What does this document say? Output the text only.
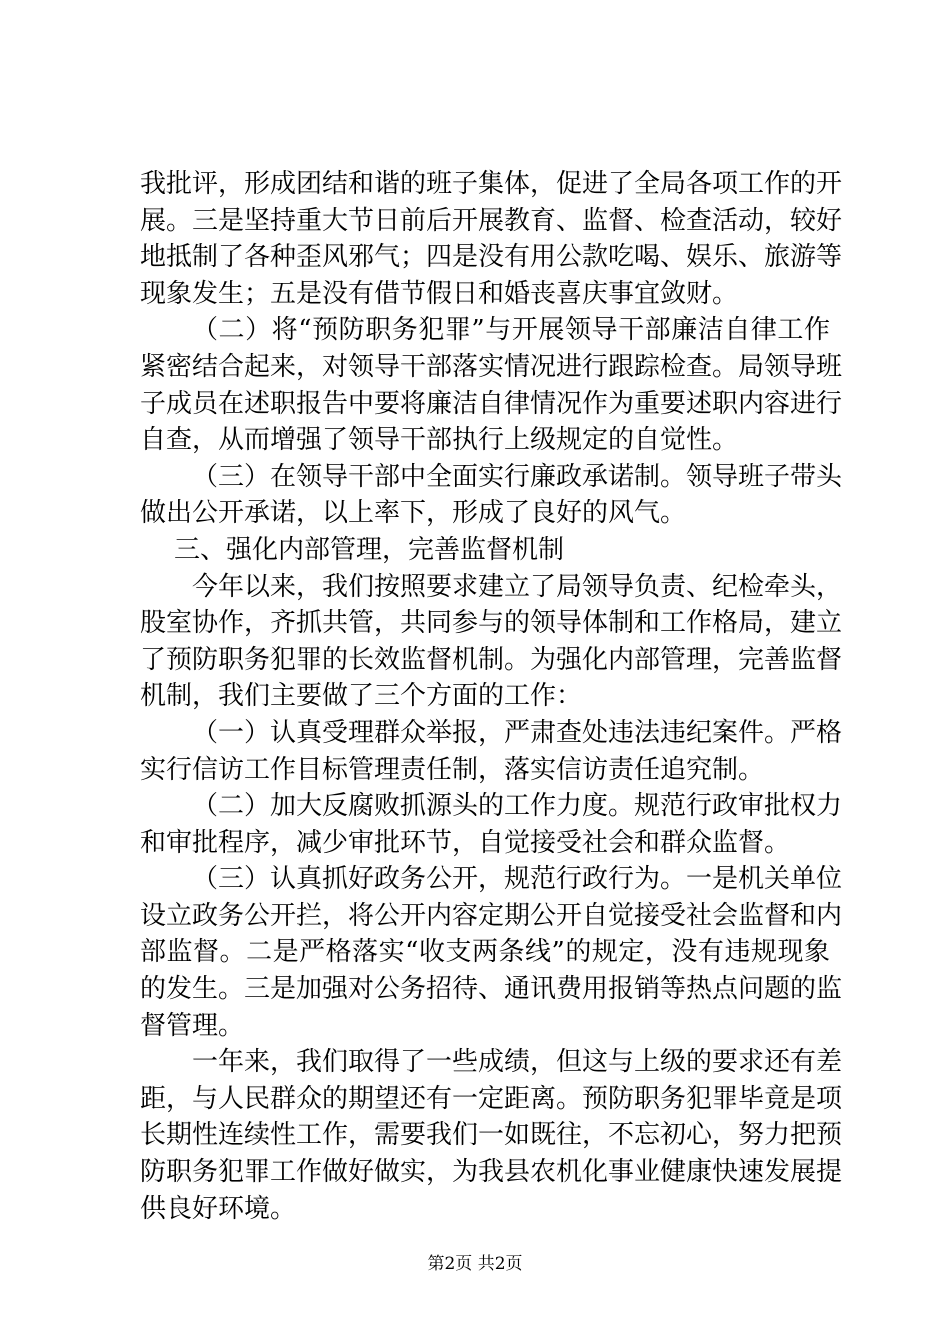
我批评，形成团结和谐的班子集体，促进了全局各项工作的开
展。三是坚持重大节日前后开展教育、监督、检查活动，较好
地抵制了各种歪风邪气；四是没有用公款吃喝、娱乐、旅游等
现象发生；五是没有借节假日和婚丧喜庆事宜敛财。
（二）将“预防职务犯罪”与开展领导干部廉洁自律工作
紧密结合起来，对领导干部落实情况进行跟踪检查。局领导班
子成员在述职报告中要将廉洁自律情况作为重要述职内容进行
自查，从而增强了领导干部执行上级规定的自觉性。
（三）在领导干部中全面实行廉政承诺制。领导班子带头
做出公开承诺，以上率下，形成了良好的风气。
三、强化内部管理，完善监督机制
今年以来，我们按照要求建立了局领导负责、纪检牵头，
股室协作，齐抓共管，共同参与的领导体制和工作格局，建立
了预防职务犯罪的长效监督机制。为强化内部管理，完善监督
机制，我们主要做了三个方面的工作：
（一）认真受理群众举报，严肃查处违法违纪案件。严格
实行信访工作目标管理责任制，落实信访责任追究制。
（二）加大反腐败抓源头的工作力度。规范行政审批权力
和审批程序，减少审批环节，自觉接受社会和群众监督。
（三）认真抓好政务公开，规范行政行为。一是机关单位
设立政务公开拦，将公开内容定期公开自觉接受社会监督和内
部监督。二是严格落实“收支两条线”的规定，没有违规现象
的发生。三是加强对公务招待、通讯费用报销等热点问题的监
督管理。
一年来，我们取得了一些成绩，但这与上级的要求还有差
距，与人民群众的期望还有一定距离。预防职务犯罪毕竟是项
长期性连续性工作，需要我们一如既往，不忘初心，努力把预
防职务犯罪工作做好做实，为我县农机化事业健康快速发展提
供良好环境。
第2页 共2页
